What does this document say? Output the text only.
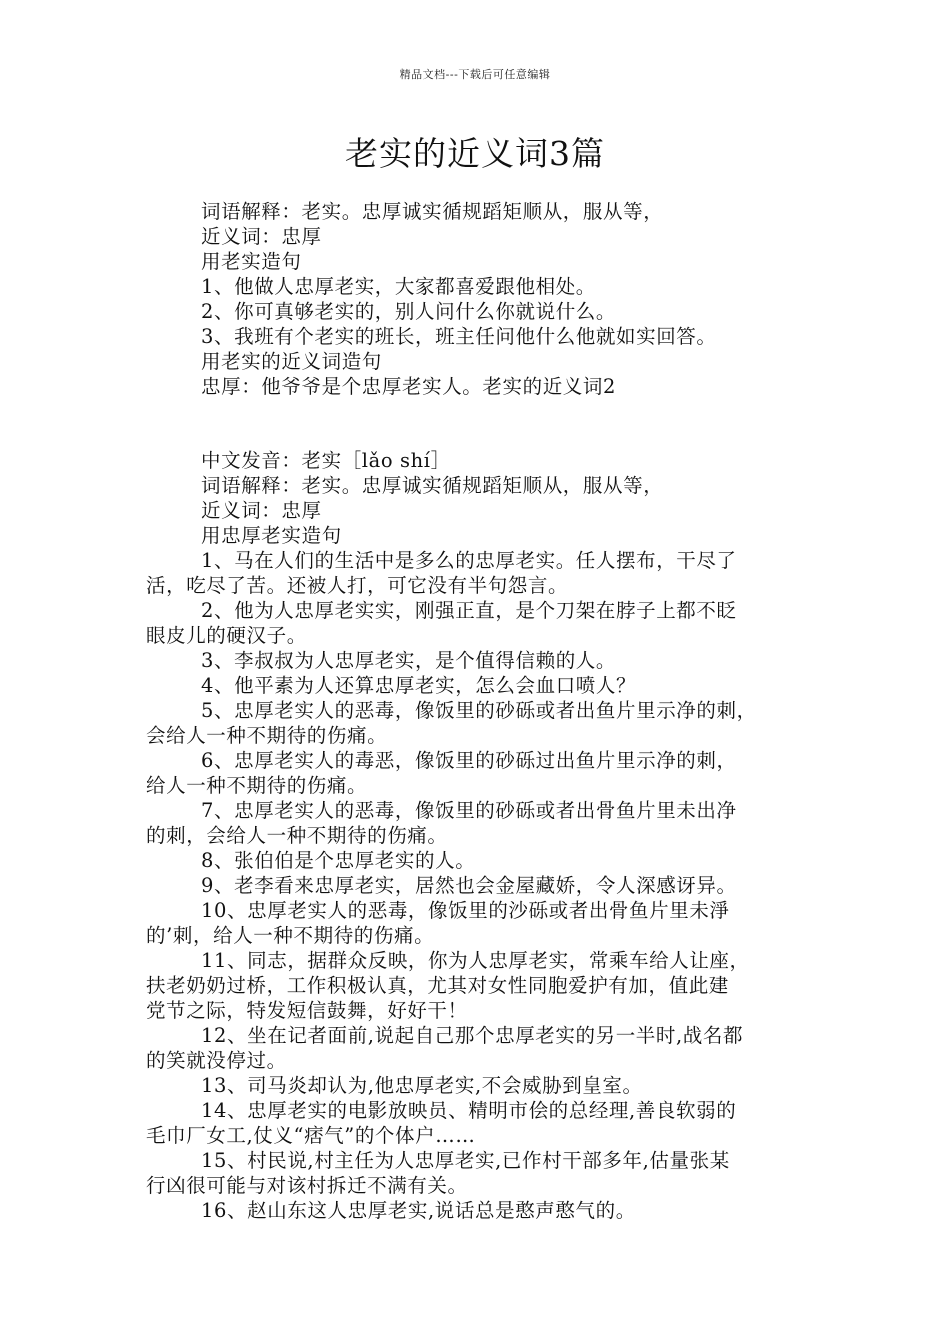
精品文档---下载后可任意编辑
老实的近义词3篇
词语解释：老实。忠厚诚实循规蹈矩顺从，服从等，
近义词：忠厚
用老实造句
1、他做人忠厚老实，大家都喜爱跟他相处。
2、你可真够老实的，别人问什么你就说什么。
3、我班有个老实的班长，班主任问他什么他就如实回答。
用老实的近义词造句
忠厚：他爷爷是个忠厚老实人。老实的近义词2
中文发音：老实［lǎo shí］
词语解释：老实。忠厚诚实循规蹈矩顺从，服从等，
近义词：忠厚
用忠厚老实造句
1、马在人们的生活中是多么的忠厚老实。任人摆布，干尽了
活，吃尽了苦。还被人打，可它没有半句怨言。
2、他为人忠厚老实实，刚强正直，是个刀架在脖子上都不眨
眼皮儿的硬汉子。
3、李叔叔为人忠厚老实，是个值得信赖的人。
4、他平素为人还算忠厚老实，怎么会血口喷人？
5、忠厚老实人的恶毒，像饭里的砂砾或者出鱼片里示净的刺，
会给人一种不期待的伤痛。
6、忠厚老实人的毒恶，像饭里的砂砾过出鱼片里示净的刺，
给人一种不期待的伤痛。
7、忠厚老实人的恶毒，像饭里的砂砾或者出骨鱼片里未出净
的刺，会给人一种不期待的伤痛。
8、张伯伯是个忠厚老实的人。
9、老李看来忠厚老实，居然也会金屋藏娇，令人深感讶异。
10、忠厚老实人的恶毒，像饭里的沙砾或者出骨鱼片里未淨
的’刺，给人一种不期待的伤痛。
11、同志，据群众反映，你为人忠厚老实，常乘车给人让座，
扶老奶奶过桥，工作积极认真，尤其对女性同胞爱护有加，值此建
党节之际，特发短信鼓舞，好好干！
12、坐在记者面前,说起自己那个忠厚老实的另一半时,战名都
的笑就没停过。
13、司马炎却认为,他忠厚老实,不会威胁到皇室。
14、忠厚老实的电影放映员、精明市侩的总经理,善良软弱的
毛巾厂女工,仗义“痞气”的个体户……
15、村民说,村主任为人忠厚老实,已作村干部多年,估量张某
行凶很可能与对该村拆迁不满有关。
16、赵山东这人忠厚老实,说话总是憨声憨气的。
